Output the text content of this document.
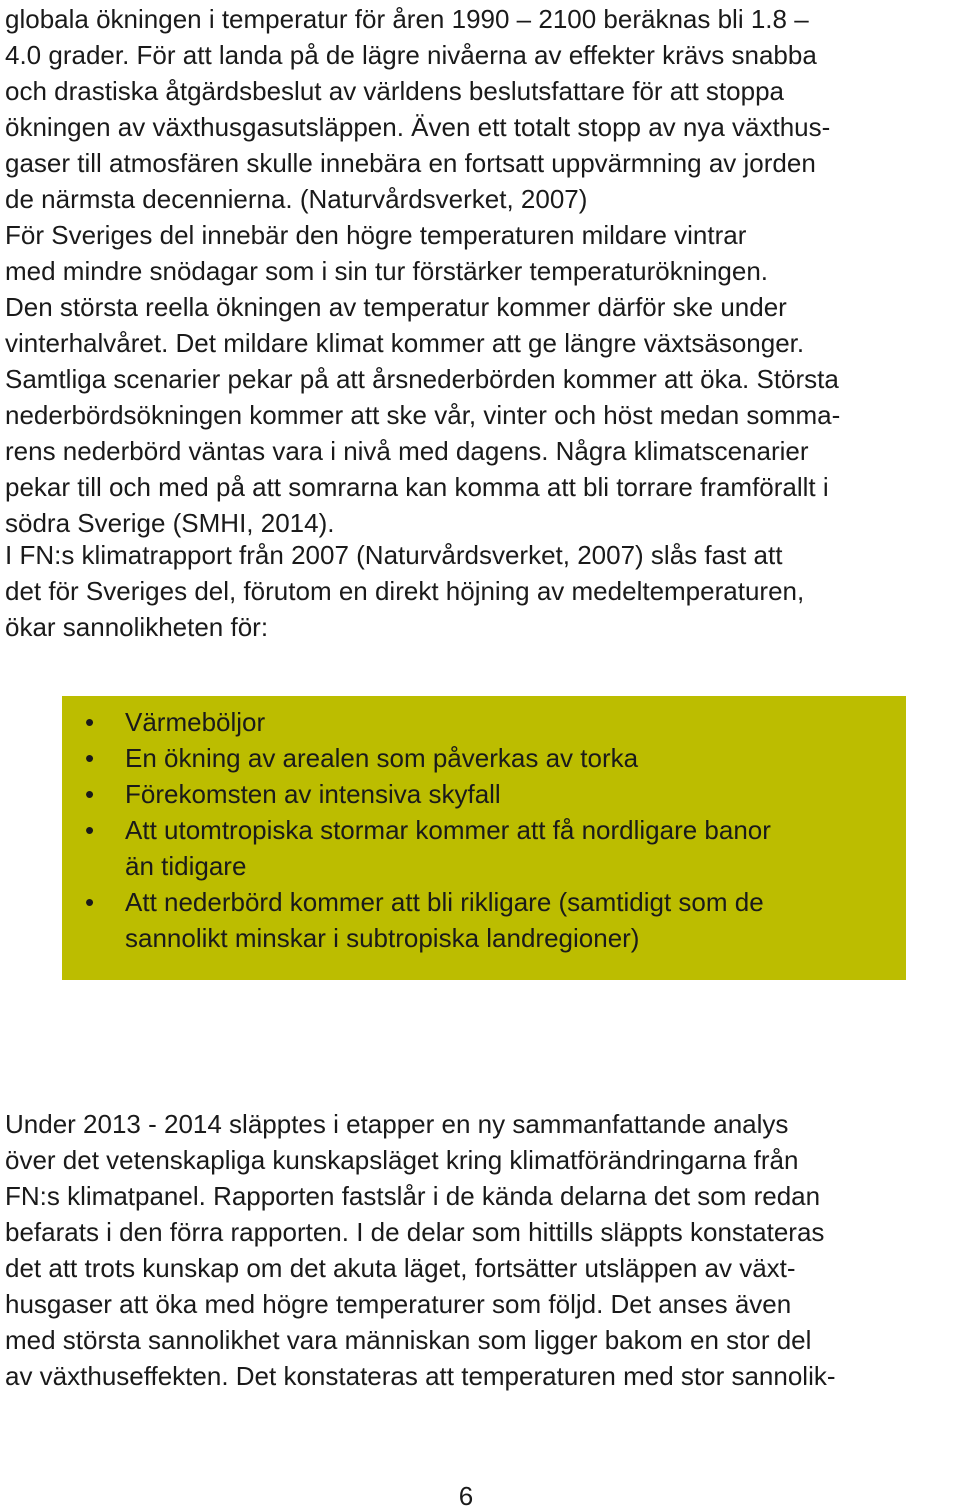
globala ökningen i temperatur för åren 1990 – 2100 beräknas bli 1.8 –
4.0 grader. För att landa på de lägre nivåerna av effekter krävs snabba
och drastiska åtgärdsbeslut av världens beslutsfattare för att stoppa
ökningen av växthusgasutsläppen. Även ett totalt stopp av nya växthus-
gaser till atmosfären skulle innebära en fortsatt uppvärmning av jorden
de närmsta decennierna. (Naturvårdsverket, 2007)
För Sveriges del innebär den högre temperaturen mildare vintrar
med mindre snödagar som i sin tur förstärker temperaturökningen.
Den största reella ökningen av temperatur kommer därför ske under
vinterhalvåret. Det mildare klimat kommer att ge längre växtsäsonger.
Samtliga scenarier pekar på att årsnederbörden kommer att öka. Största
nederbördsökningen kommer att ske vår, vinter och höst medan somma-
rens nederbörd väntas vara i nivå med dagens. Några klimatscenarier
pekar till och med på att somrarna kan komma att bli torrare framförallt i
södra Sverige (SMHI, 2014).
I FN:s klimatrapport från 2007 (Naturvårdsverket, 2007) slås fast att
det för Sveriges del, förutom en direkt höjning av medeltemperaturen,
ökar sannolikheten för:
• Värmeböljor
• En ökning av arealen som påverkas av torka
• Förekomsten av intensiva skyfall
• Att utomtropiska stormar kommer att få nordligare banor
än tidigare
• Att nederbörd kommer att bli rikligare (samtidigt som de
sannolikt minskar i subtropiska landregioner)
Under 2013 - 2014 släpptes i etapper en ny sammanfattande analys
över det vetenskapliga kunskapsläget kring klimatförändringarna från
FN:s klimatpanel. Rapporten fastslår i de kända delarna det som redan
befarats i den förra rapporten. I de delar som hittills släppts konstateras
det att trots kunskap om det akuta läget, fortsätter utsläppen av växt-
husgaser att öka med högre temperaturer som följd. Det anses även
med största sannolikhet vara människan som ligger bakom en stor del
av växthuseffekten. Det konstateras att temperaturen med stor sannolik-
6
